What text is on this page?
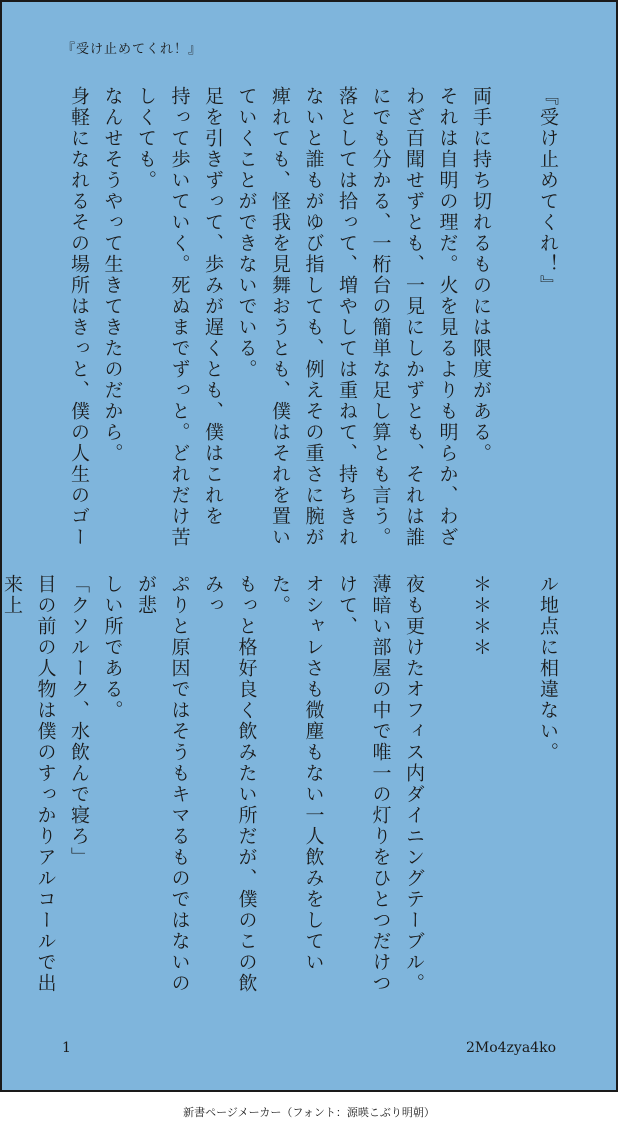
『受け止めてくれ！』
『受け止めてくれ！』

両手に持ち切れるものには限度がある。
それは自明の理だ。火を見るよりも明らか、わざ
わざ百聞せずとも、一見にしかずとも、それは誰
にでも分かる、一桁台の簡単な足し算とも言う。
落としては拾って、増やしては重ねて、持ちきれ
ないと誰もがゆび指しても、例えその重さに腕が
痺れても、怪我を見舞おうとも、僕はそれを置い
ていくことができないでいる。
足を引きずって、歩みが遅くとも、僕はこれを
持って歩いていく。死ぬまでずっと。どれだけ苦
しくても。
なんせそうやって生きてきたのだから。
身軽になれるその場所はきっと、僕の人生のゴー
ル地点に相違ない。

＊＊＊＊

夜も更けたオフィス内ダイニングテーブル。
薄暗い部屋の中で唯一の灯りをひとつだけつけて、
オシャレさも微塵もない一人飲みをしていた。
もっと格好良く飲みたい所だが、僕のこの飲みっ
ぷりと原因ではそうもキマるものではないのが悲
しい所である。
「クソルーク、水飲んで寝ろ」
目の前の人物は僕のすっかりアルコールで出来上

1	2Mo4zya4ko
新書ページメーカー（フォント：源暎こぶり明朝）
